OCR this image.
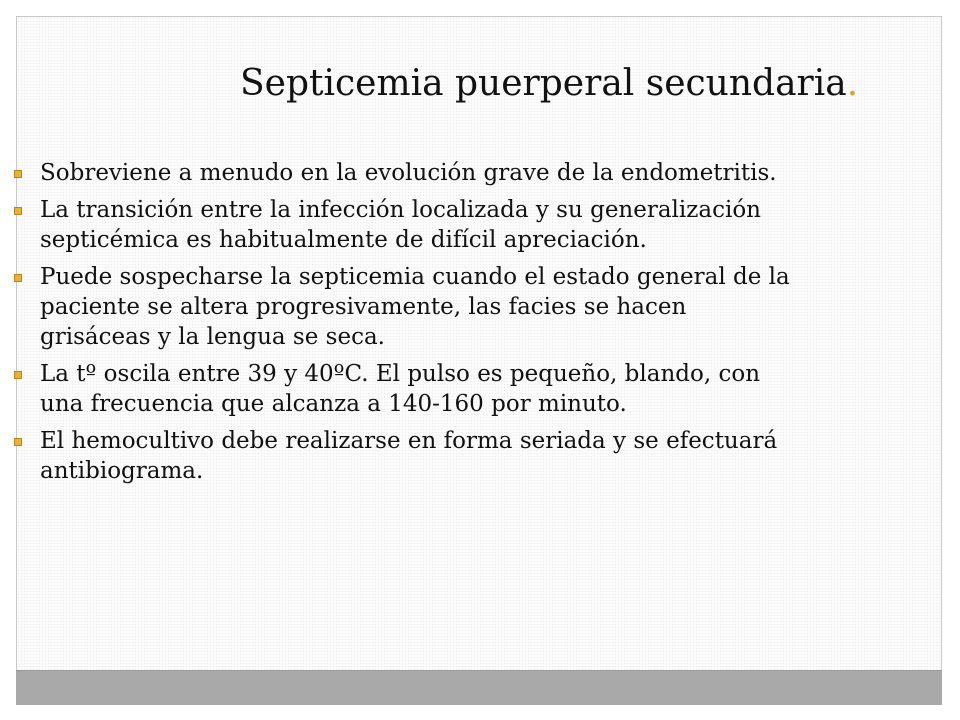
Septicemia puerperal secundaria.
Sobreviene a menudo en la evolución grave de la endometritis.
La transición entre la infección localizada y su generalización septicémica es habitualmente de difícil apreciación.
Puede sospecharse la septicemia cuando el estado general de la paciente se altera progresivamente, las facies se hacen grisáceas y la lengua se seca.
La tº oscila entre 39 y 40ºC. El pulso es pequeño, blando, con una frecuencia que alcanza a 140-160 por minuto.
El hemocultivo debe realizarse en forma seriada y se efectuará antibiograma.
